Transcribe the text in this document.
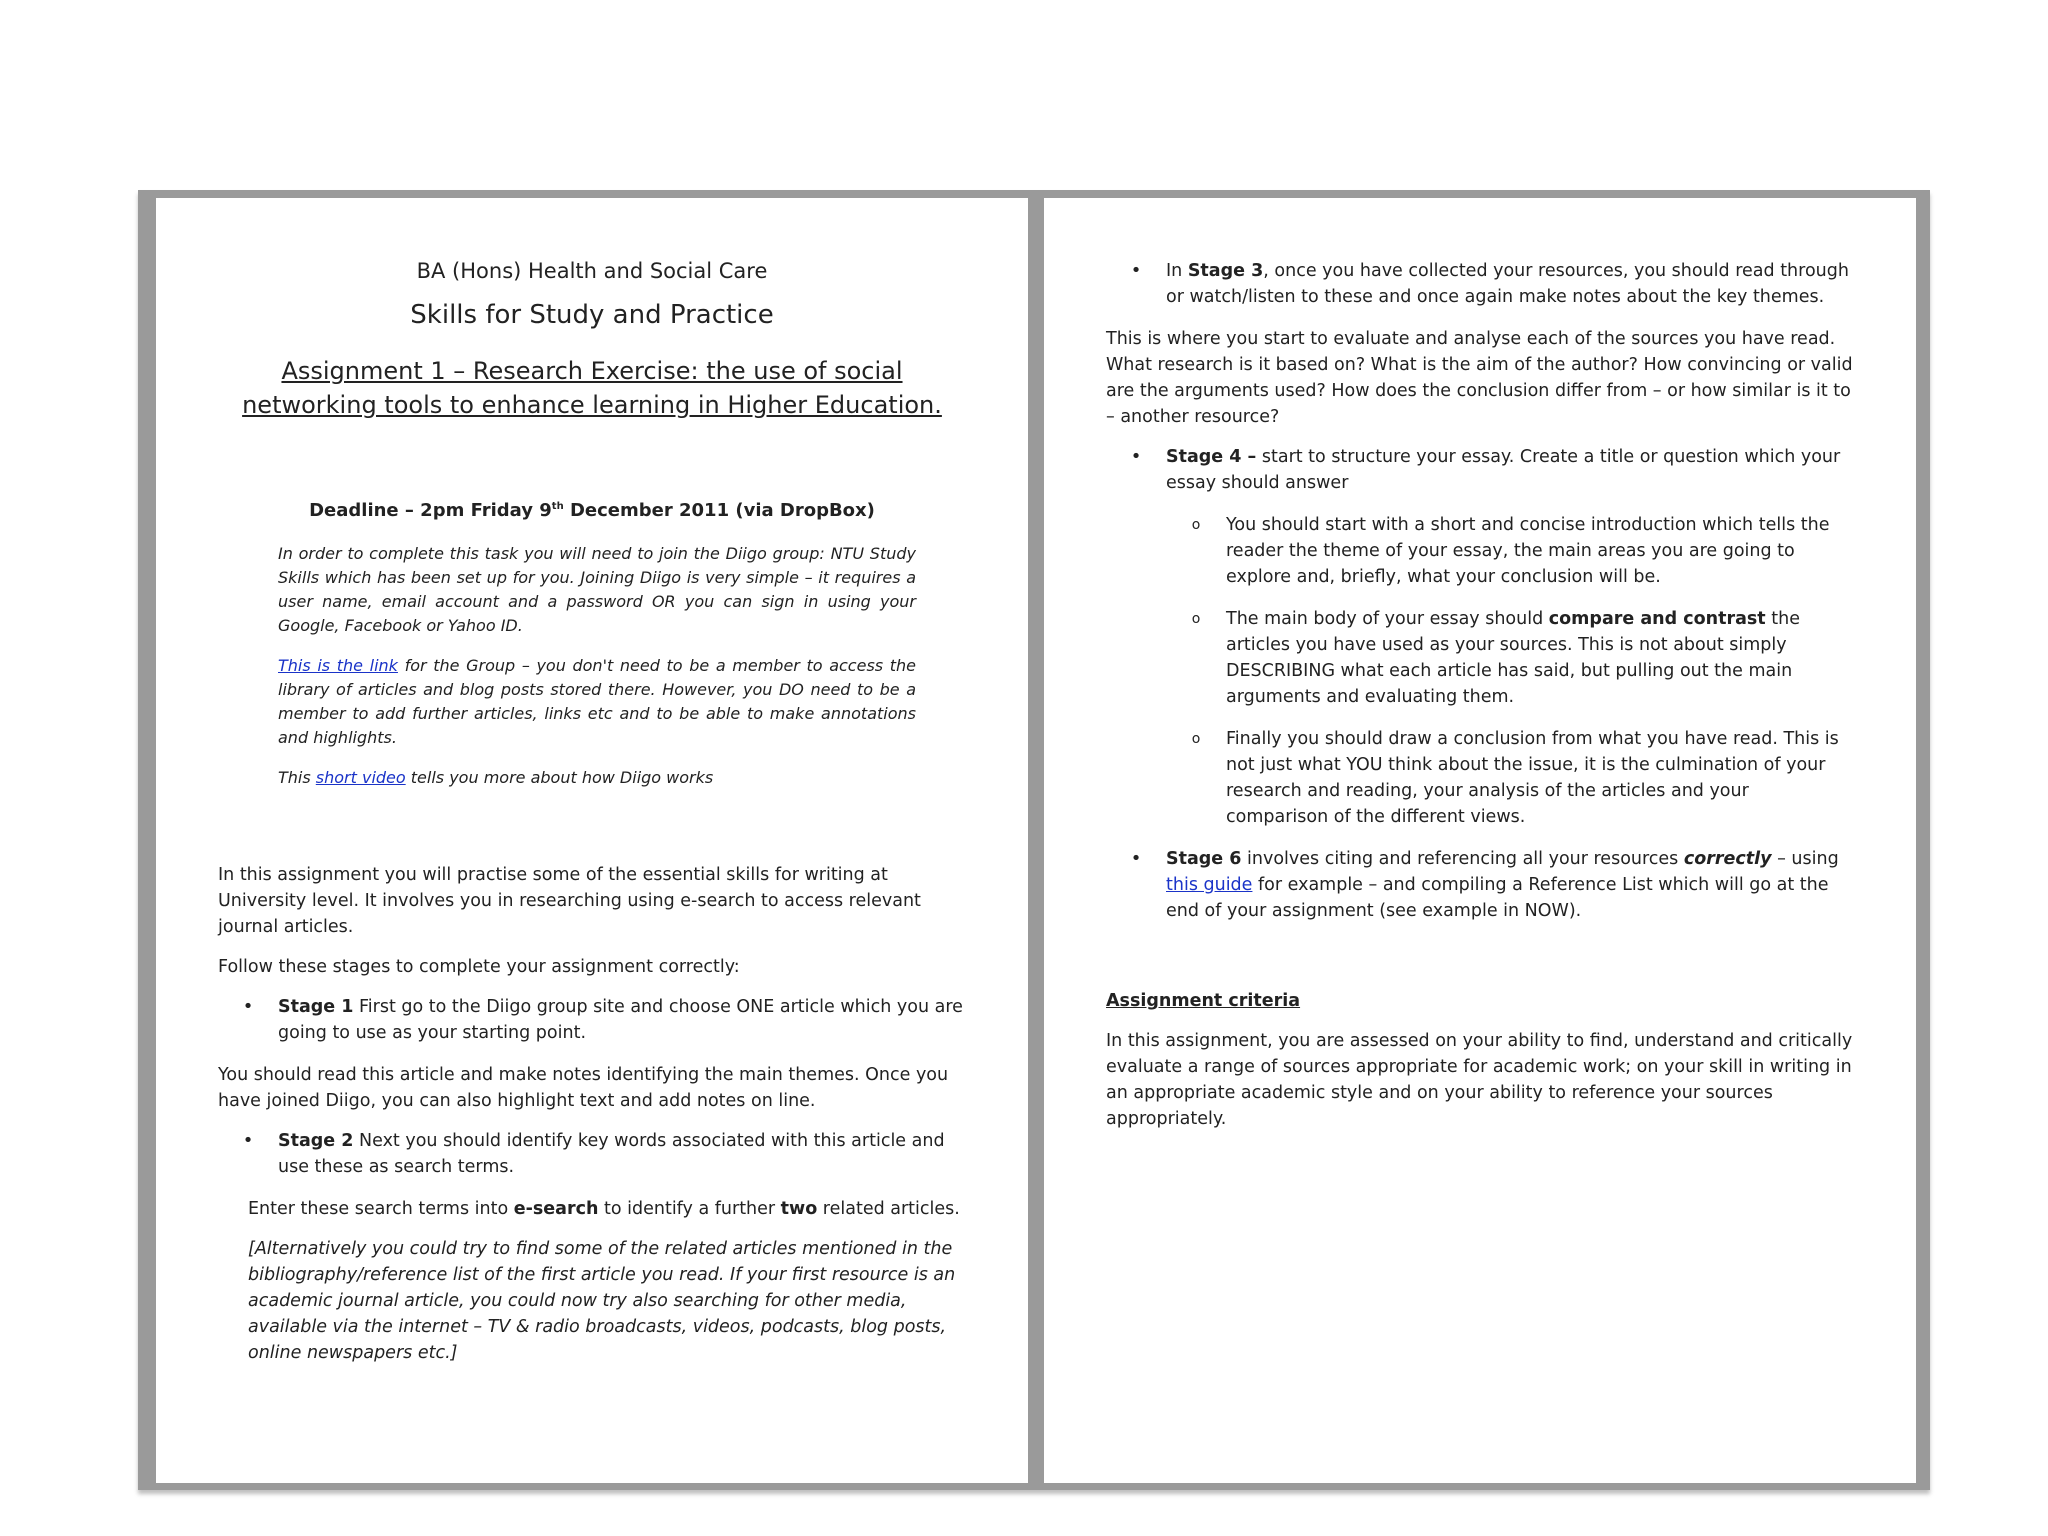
BA (Hons) Health and Social Care
Skills for Study and Practice
Assignment 1 – Research Exercise: the use of social networking tools to enhance learning in Higher Education.
Deadline – 2pm Friday 9th December 2011 (via DropBox)

In order to complete this task you will need to join the Diigo group: NTU Study Skills which has been set up for you. Joining Diigo is very simple – it requires a user name, email account and a password OR you can sign in using your Google, Facebook or Yahoo ID.

This is the link for the Group – you don't need to be a member to access the library of articles and blog posts stored there. However, you DO need to be a member to add further articles, links etc and to be able to make annotations and highlights.

This short video tells you more about how Diigo works

In this assignment you will practise some of the essential skills for writing at University level. It involves you in researching using e-search to access relevant journal articles.

Follow these stages to complete your assignment correctly:

•	Stage 1 First go to the Diigo group site and choose ONE article which you are going to use as your starting point.

You should read this article and make notes identifying the main themes. Once you have joined Diigo, you can also highlight text and add notes on line.

•	Stage 2 Next you should identify key words associated with this article and use these as search terms.

Enter these search terms into e-search to identify a further two related articles.

[Alternatively you could try to find some of the related articles mentioned in the bibliography/reference list of the first article you read. If your first resource is an academic journal article, you could now try also searching for other media, available via the internet – TV & radio broadcasts, videos, podcasts, blog posts, online newspapers etc.]

•	In Stage 3, once you have collected your resources, you should read through or watch/listen to these and once again make notes about the key themes.

This is where you start to evaluate and analyse each of the sources you have read. What research is it based on? What is the aim of the author? How convincing or valid are the arguments used? How does the conclusion differ from – or how similar is it to – another resource?

•	Stage 4 – start to structure your essay. Create a title or question which your essay should answer
o	You should start with a short and concise introduction which tells the reader the theme of your essay, the main areas you are going to explore and, briefly, what your conclusion will be.
o	The main body of your essay should compare and contrast the articles you have used as your sources. This is not about simply DESCRIBING what each article has said, but pulling out the main arguments and evaluating them.
o	Finally you should draw a conclusion from what you have read. This is not just what YOU think about the issue, it is the culmination of your research and reading, your analysis of the articles and your comparison of the different views.
•	Stage 6 involves citing and referencing all your resources correctly – using this guide for example – and compiling a Reference List which will go at the end of your assignment (see example in NOW).
Assignment criteria

In this assignment, you are assessed on your ability to find, understand and critically evaluate a range of sources appropriate for academic work; on your skill in writing in an appropriate academic style and on your ability to reference your sources appropriately.
